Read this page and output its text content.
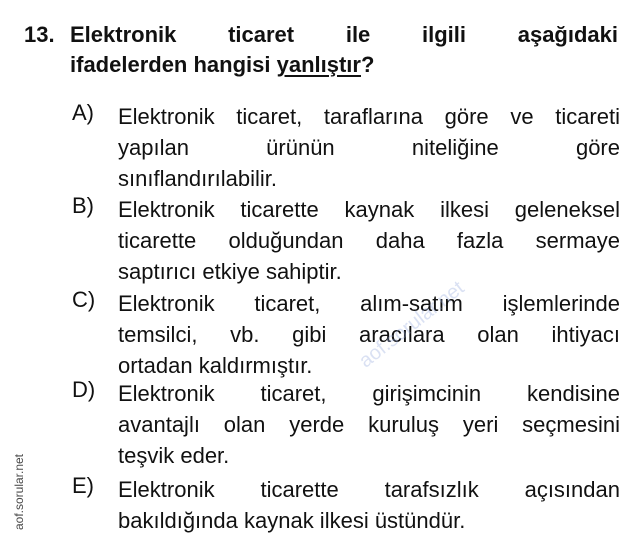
13. Elektronik ticaret ile ilgili aşağıdaki
ifadelerden hangisi yanlıştır?
A)	Elektronik ticaret, taraflarına göre ve ticareti
yapılan ürünün niteliğine göre
sınıflandırılabilir.
B)	Elektronik ticarette kaynak ilkesi geleneksel
ticarette olduğundan daha fazla sermaye
saptırıcı etkiye sahiptir.
C)	Elektronik ticaret, alım-satım işlemlerinde
temsilci, vb. gibi aracılara olan ihtiyacı
ortadan kaldırmıştır.
D)	Elektronik ticaret, girişimcinin kendisine
avantajlı olan yerde kuruluş yeri seçmesini
teşvik eder.
E)	Elektronik ticarette tarafsızlık açısından
bakıldığında kaynak ilkesi üstündür.
aof.sorular.net
aof.sorular.net
